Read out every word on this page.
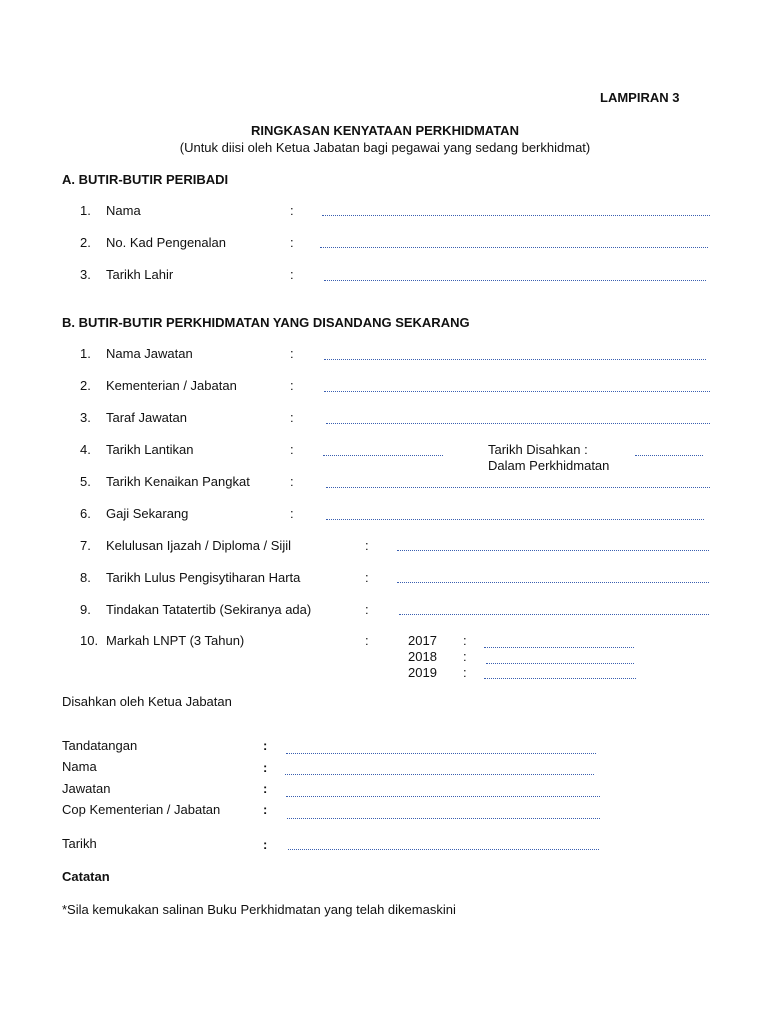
LAMPIRAN 3
RINGKASAN KENYATAAN PERKHIDMATAN
(Untuk diisi oleh Ketua Jabatan bagi pegawai yang sedang berkhidmat)
A. BUTIR-BUTIR PERIBADI
1. Nama	:
2. No. Kad Pengenalan	:
3. Tarikh Lahir	:
B. BUTIR-BUTIR PERKHIDMATAN YANG DISANDANG SEKARANG
1. Nama Jawatan	:
2. Kementerian / Jabatan	:
3. Taraf Jawatan	:
4. Tarikh Lantikan	:	Tarikh Disahkan :
Dalam Perkhidmatan
5. Tarikh Kenaikan Pangkat	:
6. Gaji Sekarang	:
7. Kelulusan Ijazah / Diploma / Sijil	:
8. Tarikh Lulus Pengisytiharan Harta	:
9. Tindakan Tatatertib (Sekiranya ada)	:
10. Markah LNPT (3 Tahun)	:	2017 :
2018 :
2019 :
Disahkan oleh Ketua Jabatan
Tandatangan	:
Nama	:
Jawatan	:
Cop Kementerian / Jabatan	:
Tarikh	:
Catatan
*Sila kemukakan salinan Buku Perkhidmatan yang telah dikemaskini
